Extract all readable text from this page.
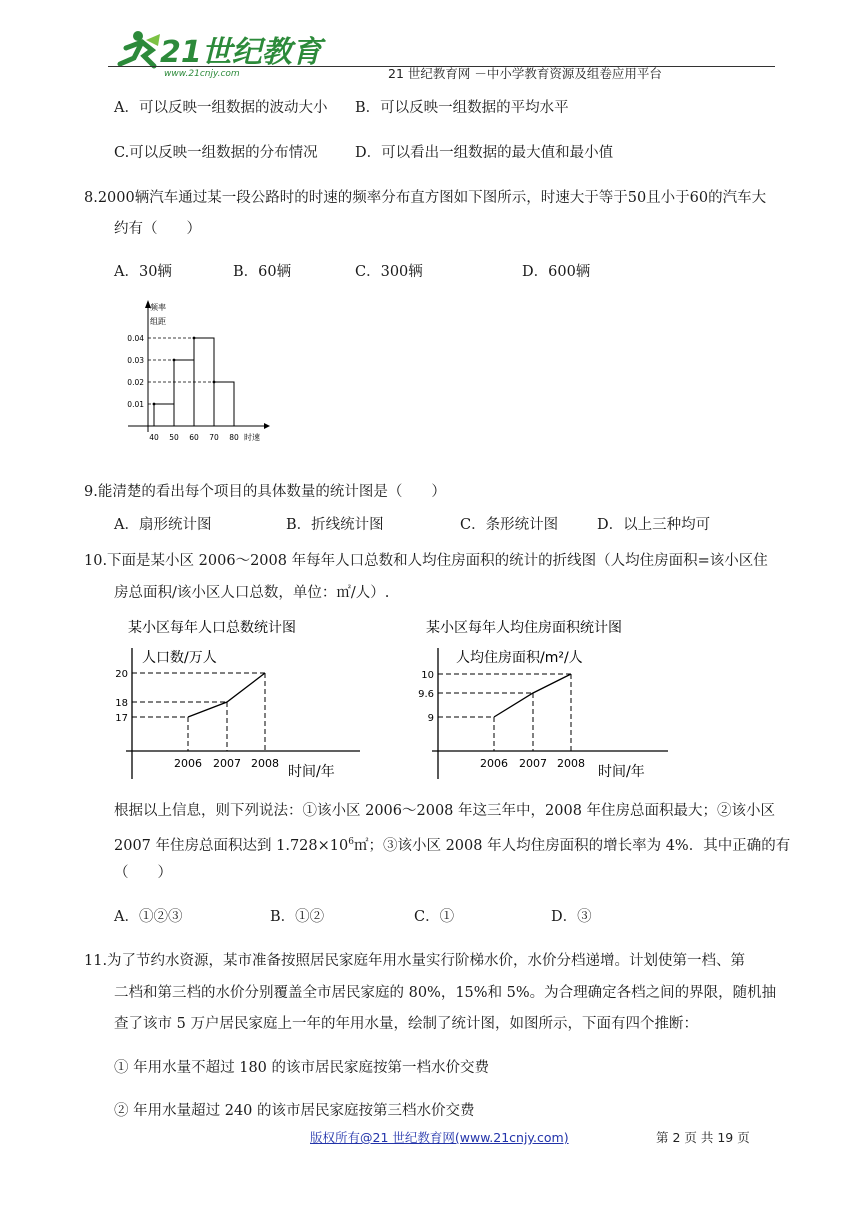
21世纪教育
www.21cnjy.com	21 世纪教育网 －中小学教育资源及组卷应用平台
A．可以反映一组数据的波动大小 B．可以反映一组数据的平均水平
C.可以反映一组数据的分布情况	D．可以看出一组数据的最大值和最小值
8.2000辆汽车通过某一段公路时的时速的频率分布直方图如下图所示，时速大于等于50且小于60的汽车大
约有（　　）
A．30辆	B．60辆	C．300辆	D．600辆
频率
组距
时速
0.01
0.02
0.03
0.04
40 50 60 70 80
9.能清楚的看出每个项目的具体数量的统计图是（　　）
A．扇形统计图	B．折线统计图	C．条形统计图	D．以上三种均可
10.下面是某小区 2006～2008 年每年人口总数和人均住房面积的统计的折线图（人均住房面积=该小区住
房总面积/该小区人口总数，单位：㎡/人）.
某小区每年人口总数统计图
人口数/万人
时间/年
17
18
20
2006 2007 2008
某小区每年人均住房面积统计图
人均住房面积/m²/人
时间/年
9
9.6
10
2006 2007 2008
根据以上信息，则下列说法：①该小区 2006～2008 年这三年中，2008 年住房总面积最大；②该小区
2007 年住房总面积达到 $1.728\times 10^6㎡$；③该小区 2008 年人均住房面积的增长率为 4%．其中正确的有
（　　）
A．①②③	B．①②	C．①	D．③
11.为了节约水资源，某市准备按照居民家庭年用水量实行阶梯水价，水价分档递增。计划使第一档、第
二档和第三档的水价分别覆盖全市居民家庭的 80%，15%和 5%。为合理确定各档之间的界限，随机抽
查了该市 5 万户居民家庭上一年的年用水量，绘制了统计图，如图所示，下面有四个推断：
① 年用水量不超过 180 的该市居民家庭按第一档水价交费
② 年用水量超过 240 的该市居民家庭按第三档水价交费
版权所有@21 世纪教育网(www.21cnjy.com)	第 2 页 共 19 页
